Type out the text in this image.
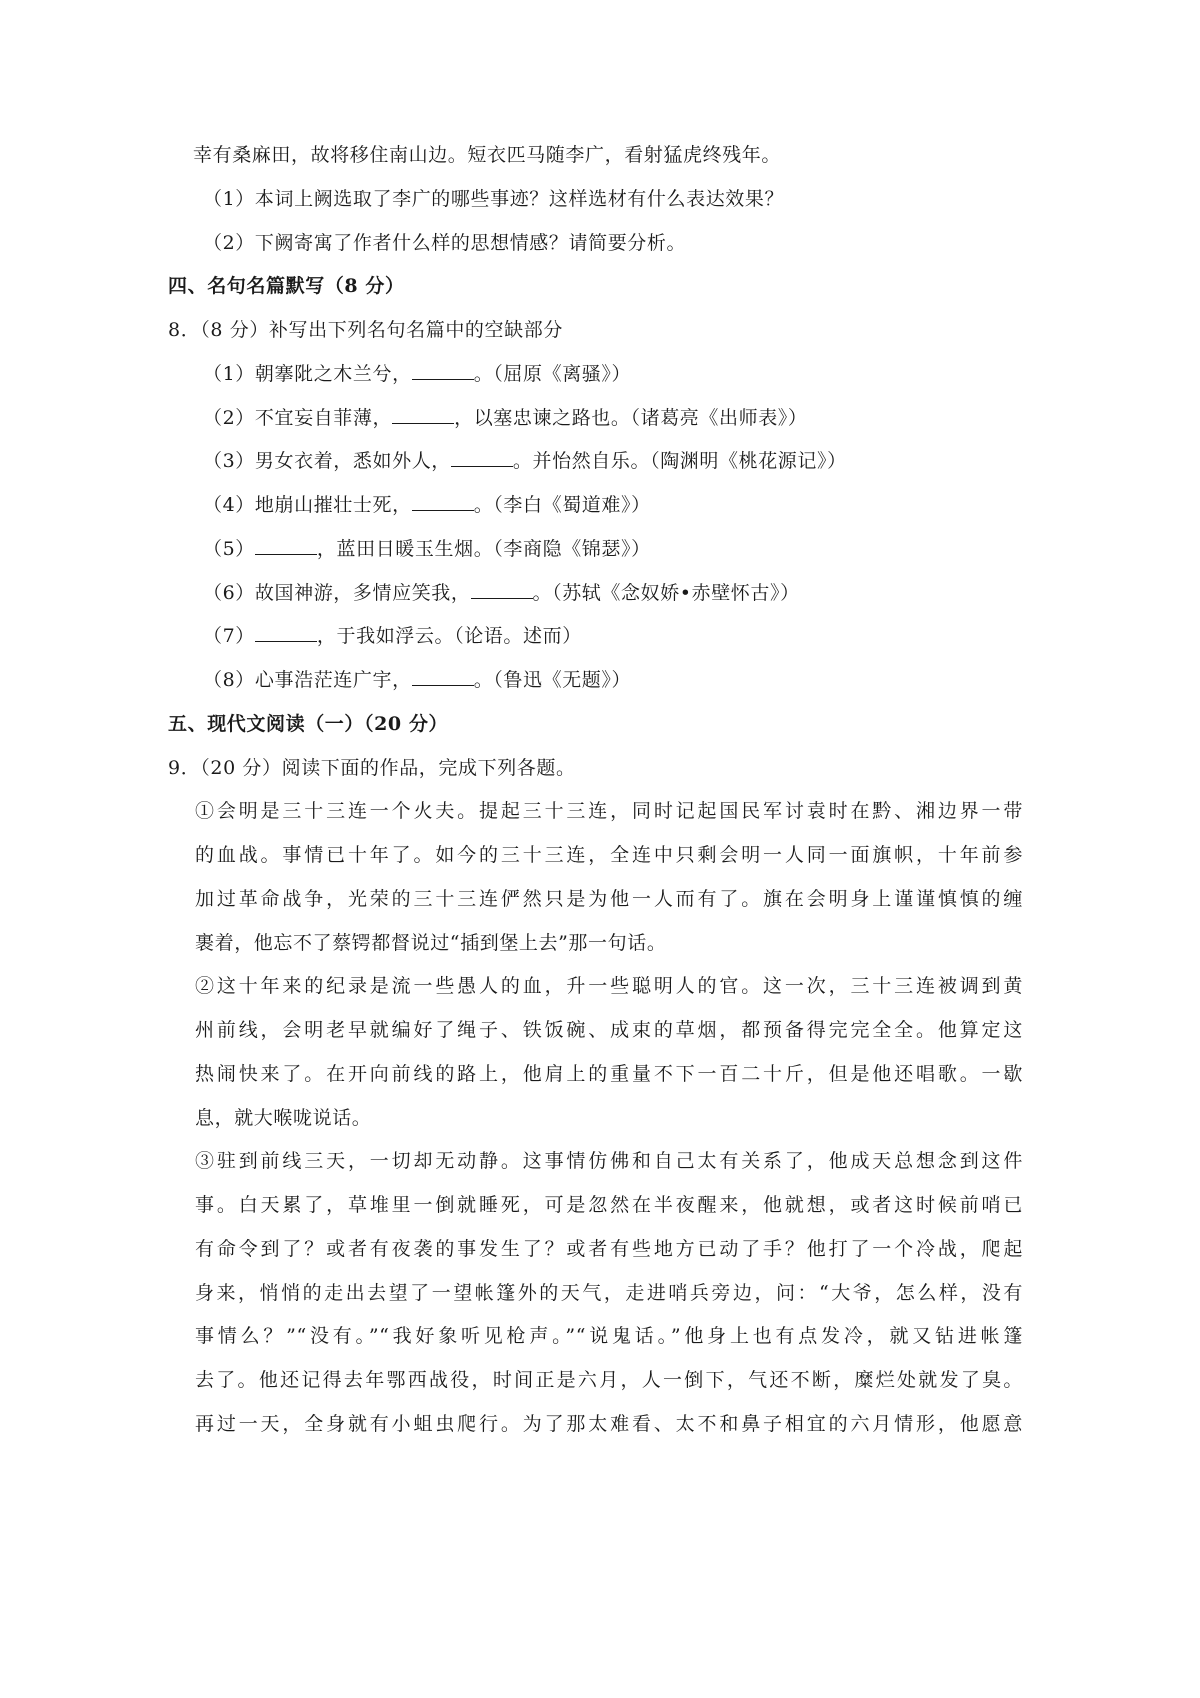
幸有桑麻田，故将移住南山边。短衣匹马随李广，看射猛虎终残年。
（1）本词上阙选取了李广的哪些事迹？这样选材有什么表达效果？
（2）下阙寄寓了作者什么样的思想情感？请简要分析。
四、名句名篇默写（8 分）
8．（8 分）补写出下列名句名篇中的空缺部分
（1）朝搴阰之木兰兮，	。（屈原《离骚》）
（2）不宜妄自菲薄，	，以塞忠谏之路也。（诸葛亮《出师表》）
（3）男女衣着，悉如外人，	。并怡然自乐。（陶渊明《桃花源记》）
（4）地崩山摧壮士死，	。（李白《蜀道难》）
（5）	，蓝田日暖玉生烟。（李商隐《锦瑟》）
（6）故国神游，多情应笑我，	。（苏轼《念奴娇•赤壁怀古》）
（7）	，于我如浮云。（论语。述而）
（8）心事浩茫连广宇，	。（鲁迅《无题》）
五、现代文阅读（一）（20 分）
9．（20 分）阅读下面的作品，完成下列各题。
①会明是三十三连一个火夫。提起三十三连，同时记起国民军讨袁时在黔、湘边界一带
的血战。事情已十年了。如今的三十三连，全连中只剩会明一人同一面旗帜，十年前参
加过革命战争，光荣的三十三连俨然只是为他一人而有了。旗在会明身上谨谨慎慎的缠
裹着，他忘不了蔡锷都督说过“插到堡上去”那一句话。
②这十年来的纪录是流一些愚人的血，升一些聪明人的官。这一次，三十三连被调到黄
州前线，会明老早就编好了绳子、铁饭碗、成束的草烟，都预备得完完全全。他算定这
热闹快来了。在开向前线的路上，他肩上的重量不下一百二十斤，但是他还唱歌。一歇
息，就大喉咙说话。
③驻到前线三天，一切却无动静。这事情仿佛和自己太有关系了，他成天总想念到这件
事。白天累了，草堆里一倒就睡死，可是忽然在半夜醒来，他就想，或者这时候前哨已
有命令到了？或者有夜袭的事发生了？或者有些地方已动了手？他打了一个冷战，爬起
身来，悄悄的走出去望了一望帐篷外的天气，走进哨兵旁边，问：“大爷，怎么样，没有
事情么？”“没有。”“我好象听见枪声。”“说鬼话。”他身上也有点发冷，就又钻进帐篷
去了。他还记得去年鄂西战役，时间正是六月，人一倒下，气还不断，糜烂处就发了臭。
再过一天，全身就有小蛆虫爬行。为了那太难看、太不和鼻子相宜的六月情形，他愿意
